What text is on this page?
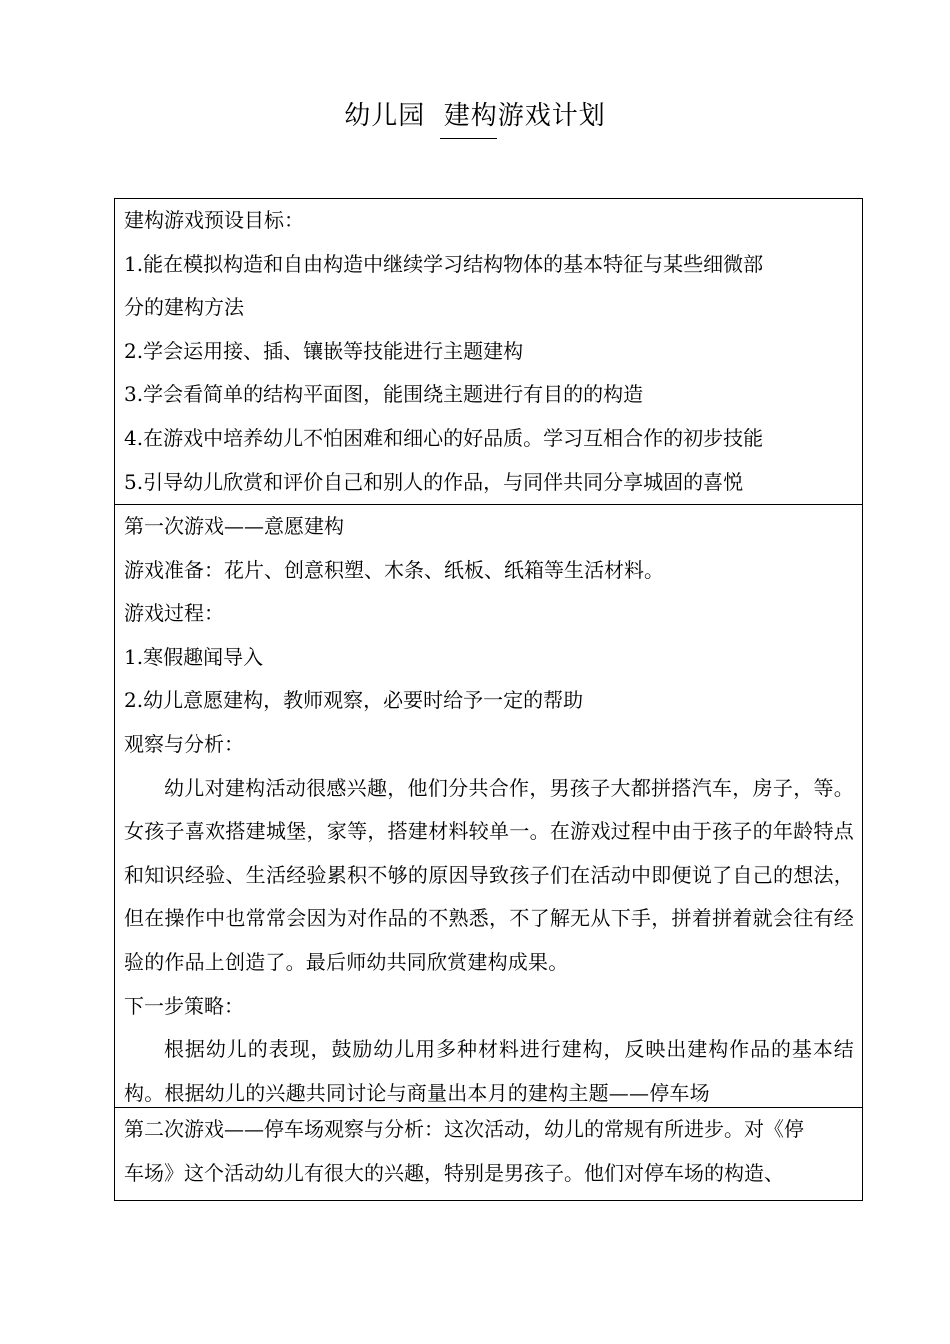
幼儿园  建构游戏计划
建构游戏预设目标：
1.能在模拟构造和自由构造中继续学习结构物体的基本特征与某些细微部
分的建构方法
2.学会运用接、插、镶嵌等技能进行主题建构
3.学会看简单的结构平面图，能围绕主题进行有目的的构造
4.在游戏中培养幼儿不怕困难和细心的好品质。学习互相合作的初步技能
5.引导幼儿欣赏和评价自己和别人的作品，与同伴共同分享城固的喜悦
第一次游戏——意愿建构
游戏准备：花片、创意积塑、木条、纸板、纸箱等生活材料。
游戏过程：
1.寒假趣闻导入
2.幼儿意愿建构，教师观察，必要时给予一定的帮助
观察与分析：
幼儿对建构活动很感兴趣，他们分共合作，男孩子大都拼搭汽车，房子，等。女孩子喜欢搭建城堡，家等，搭建材料较单一。在游戏过程中由于孩子的年龄特点和知识经验、生活经验累积不够的原因导致孩子们在活动中即便说了自己的想法，但在操作中也常常会因为对作品的不熟悉，不了解无从下手，拼着拼着就会往有经验的作品上创造了。最后师幼共同欣赏建构成果。
下一步策略：
根据幼儿的表现，鼓励幼儿用多种材料进行建构，反映出建构作品的基本结构。根据幼儿的兴趣共同讨论与商量出本月的建构主题——停车场
第二次游戏——停车场观察与分析：这次活动，幼儿的常规有所进步。对《停
车场》这个活动幼儿有很大的兴趣，特别是男孩子。他们对停车场的构造、
